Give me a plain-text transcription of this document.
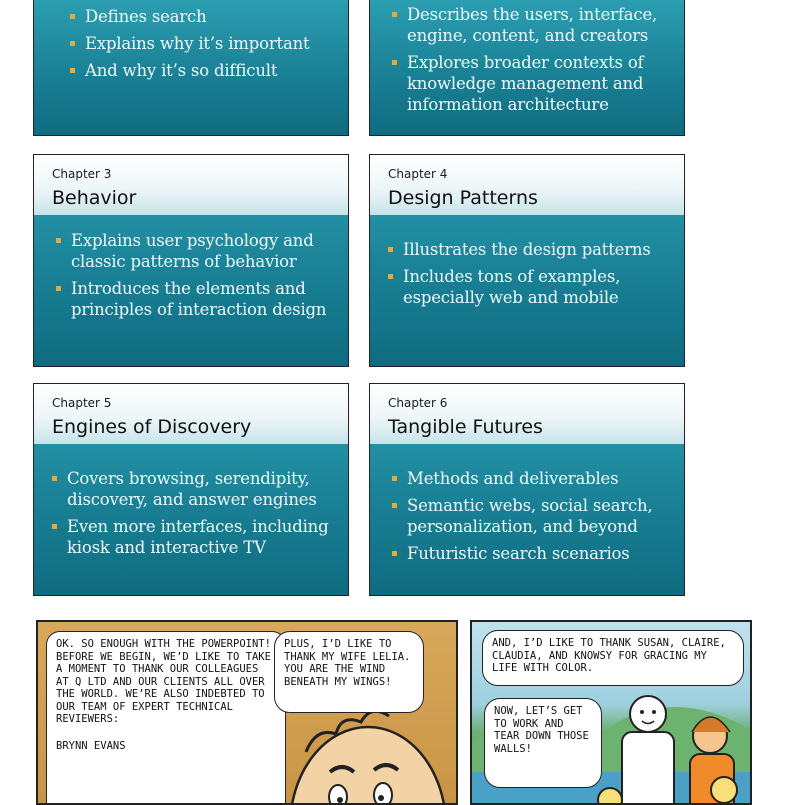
Defines search
Explains why it’s important
And why it’s so difficult
Describes the users, interface, engine, content, and creators
Explores broader contexts of knowledge management and information architecture
Chapter 3
Behavior
Explains user psychology and classic patterns of behavior
Introduces the elements and principles of interaction design
Chapter 4
Design Patterns
Illustrates the design patterns
Includes tons of examples, especially web and mobile
Chapter 5
Engines of Discovery
Covers browsing, serendipity, discovery, and answer engines
Even more interfaces, including kiosk and interactive TV
Chapter 6
Tangible Futures
Methods and deliverables
Semantic webs, social search, personalization, and beyond
Futuristic search scenarios

OK. SO ENOUGH WITH THE POWERPOINT! BEFORE WE BEGIN, WE’D LIKE TO TAKE A MOMENT TO THANK OUR COLLEAGUES AT Q LTD AND OUR CLIENTS ALL OVER THE WORLD. WE’RE ALSO INDEBTED TO OUR TEAM OF EXPERT TECHNICAL REVIEWERS:

BRYNN EVANS

PLUS, I’D LIKE TO THANK MY WIFE LELIA. YOU ARE THE WIND BENEATH MY WINGS!

AND, I’D LIKE TO THANK SUSAN, CLAIRE, CLAUDIA, AND KNOWSY FOR GRACING MY LIFE WITH COLOR.

NOW, LET’S GET TO WORK AND TEAR DOWN THOSE WALLS!
